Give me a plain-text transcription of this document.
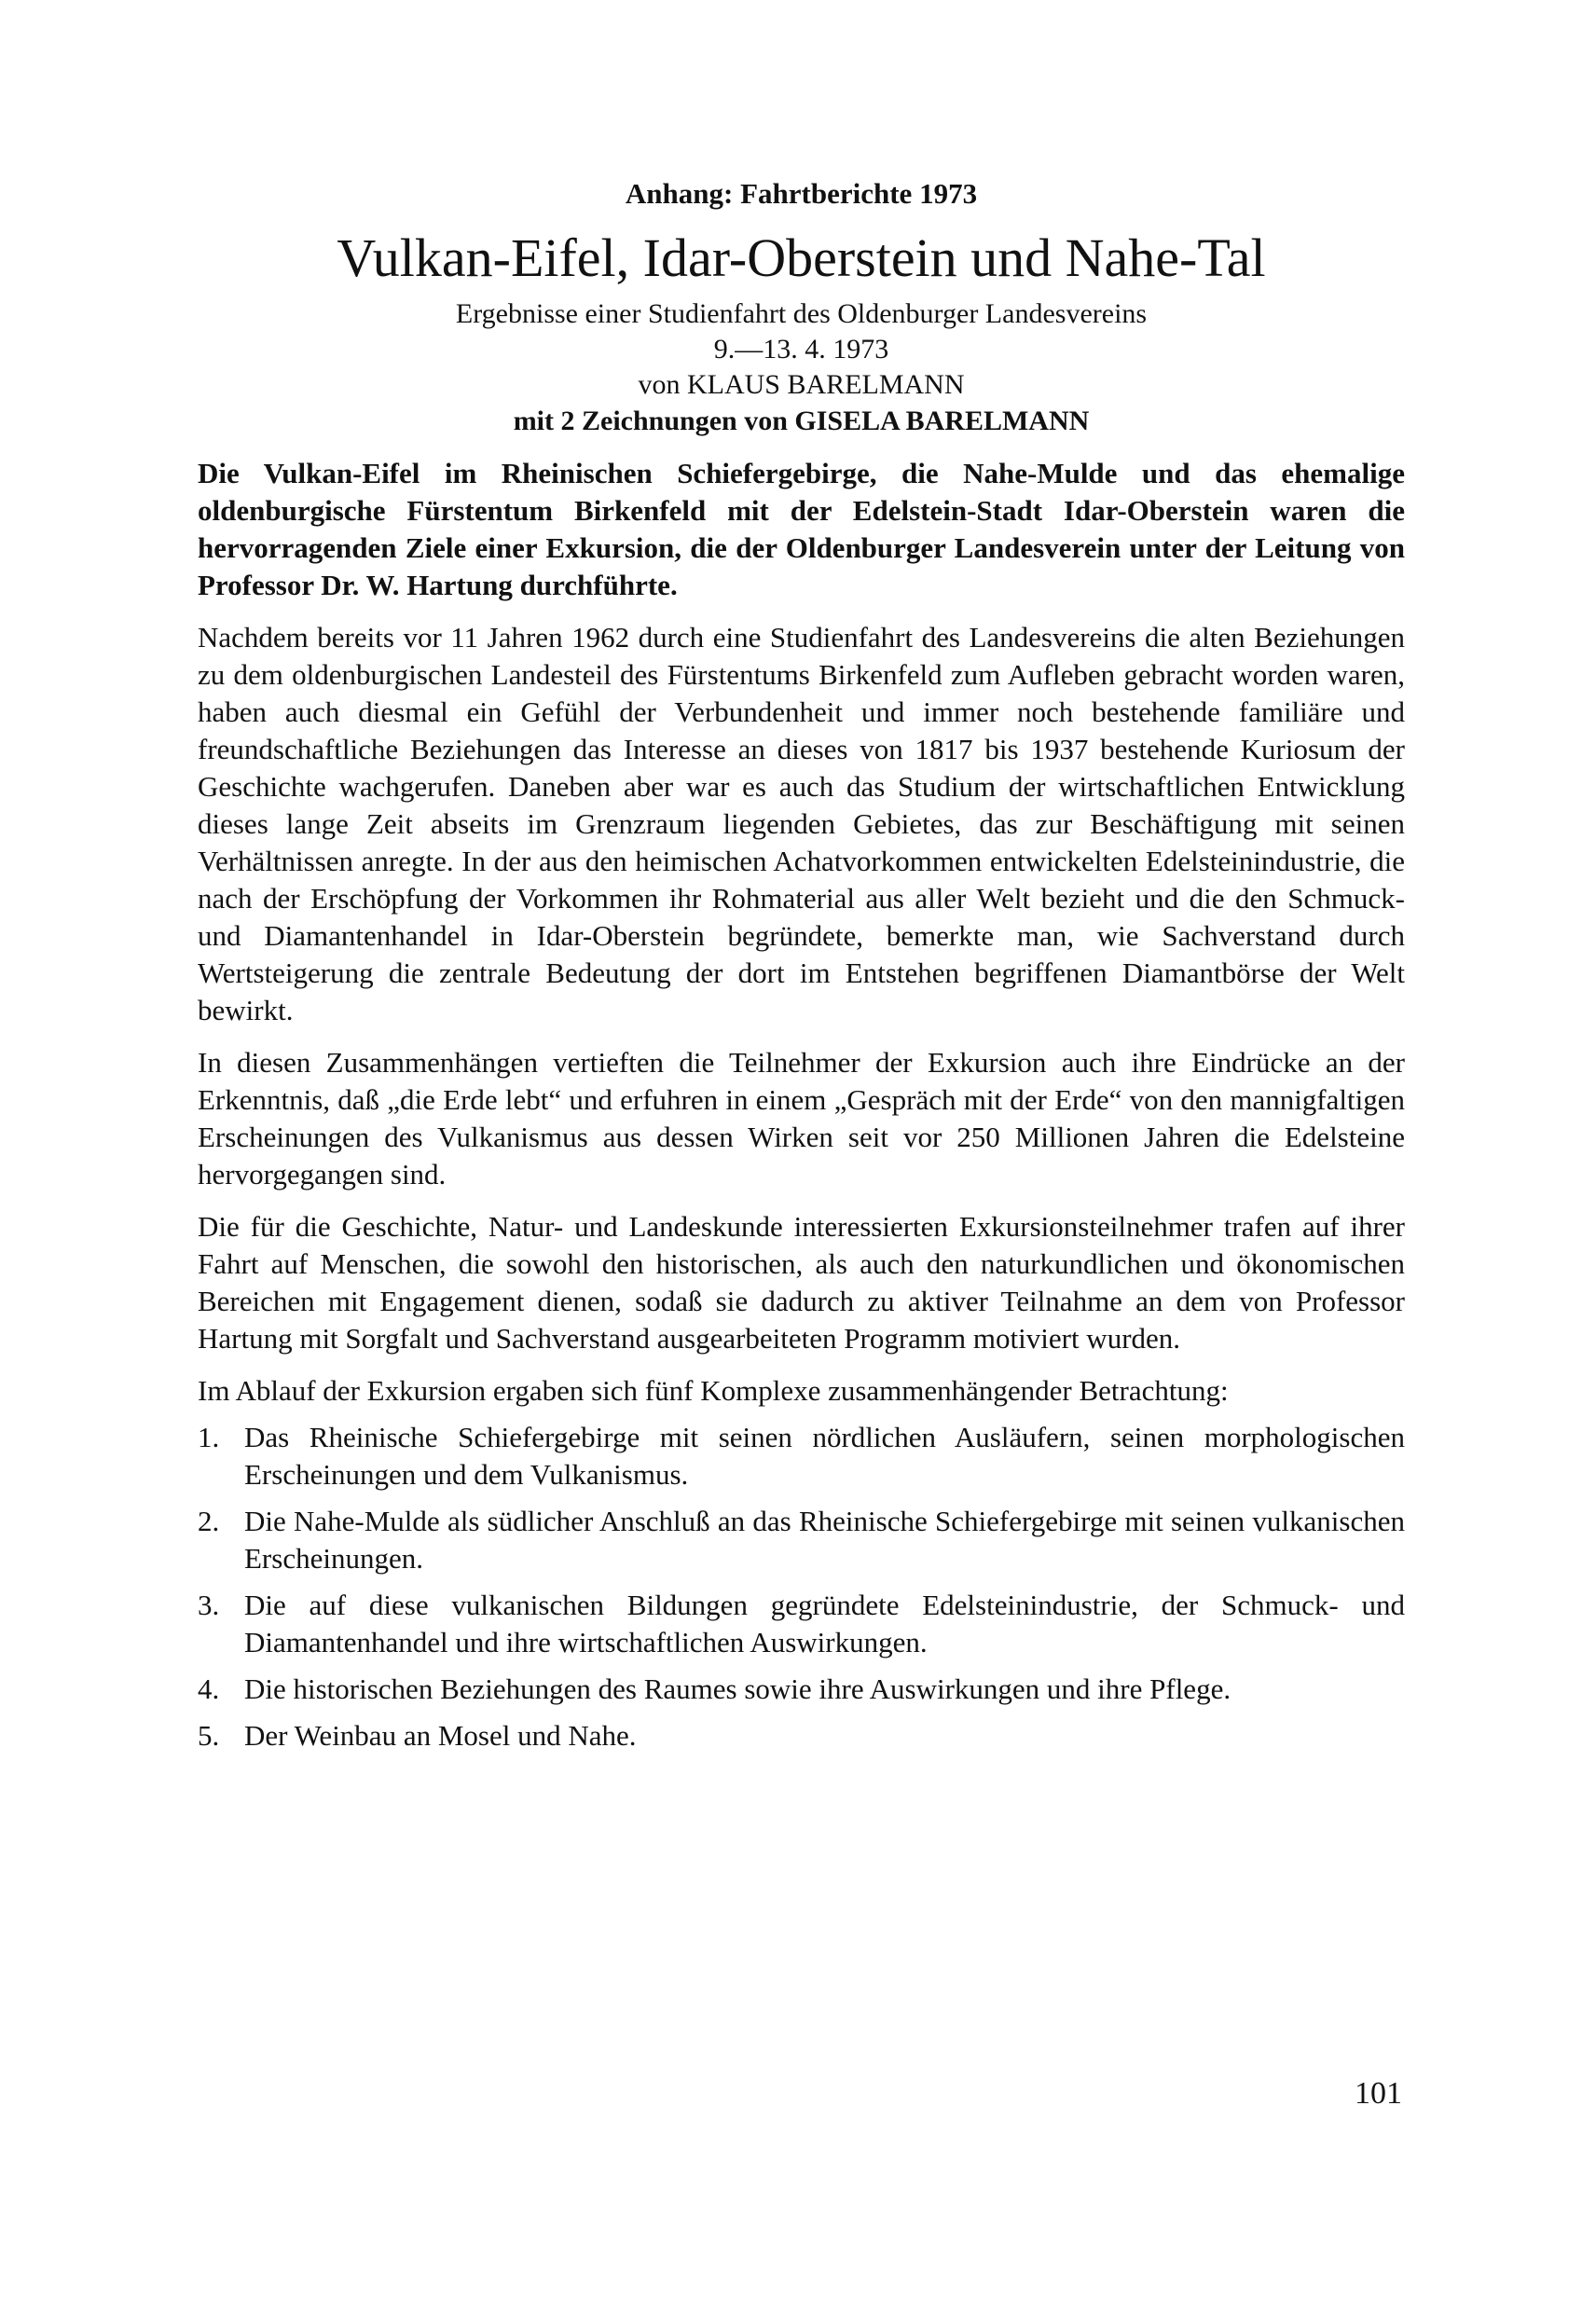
Anhang: Fahrtberichte 1973
Vulkan-Eifel, Idar-Oberstein und Nahe-Tal
Ergebnisse einer Studienfahrt des Oldenburger Landesvereins
9.—13. 4. 1973
von KLAUS BARELMANN
mit 2 Zeichnungen von GISELA BARELMANN

Die Vulkan-Eifel im Rheinischen Schiefergebirge, die Nahe-Mulde und das ehemalige oldenburgische Fürstentum Birkenfeld mit der Edelstein-Stadt Idar-Oberstein waren die hervorragenden Ziele einer Exkursion, die der Oldenburger Landesverein unter der Leitung von Professor Dr. W. Hartung durchführte.

Nachdem bereits vor 11 Jahren 1962 durch eine Studienfahrt des Landesvereins die alten Beziehungen zu dem oldenburgischen Landesteil des Fürstentums Birkenfeld zum Aufleben gebracht worden waren, haben auch diesmal ein Gefühl der Verbundenheit und immer noch bestehende familiäre und freundschaftliche Beziehungen das Interesse an dieses von 1817 bis 1937 bestehende Kuriosum der Geschichte wachgerufen. Daneben aber war es auch das Studium der wirtschaftlichen Entwicklung dieses lange Zeit abseits im Grenzraum liegenden Gebietes, das zur Beschäftigung mit seinen Verhältnissen anregte. In der aus den heimischen Achatvorkommen entwickelten Edelsteinindustrie, die nach der Erschöpfung der Vorkommen ihr Rohmaterial aus aller Welt bezieht und die den Schmuck- und Diamantenhandel in Idar-Oberstein begründete, bemerkte man, wie Sachverstand durch Wertsteigerung die zentrale Bedeutung der dort im Entstehen begriffenen Diamantbörse der Welt bewirkt.

In diesen Zusammenhängen vertieften die Teilnehmer der Exkursion auch ihre Eindrücke an der Erkenntnis, daß „die Erde lebt“ und erfuhren in einem „Gespräch mit der Erde“ von den mannigfaltigen Erscheinungen des Vulkanismus aus dessen Wirken seit vor 250 Millionen Jahren die Edelsteine hervorgegangen sind.

Die für die Geschichte, Natur- und Landeskunde interessierten Exkursionsteilnehmer trafen auf ihrer Fahrt auf Menschen, die sowohl den historischen, als auch den naturkundlichen und ökonomischen Bereichen mit Engagement dienen, sodaß sie dadurch zu aktiver Teilnahme an dem von Professor Hartung mit Sorgfalt und Sachverstand ausgearbeiteten Programm motiviert wurden.

Im Ablauf der Exkursion ergaben sich fünf Komplexe zusammenhängender Betrachtung:

1. Das Rheinische Schiefergebirge mit seinen nördlichen Ausläufern, seinen morphologischen Erscheinungen und dem Vulkanismus.
2. Die Nahe-Mulde als südlicher Anschluß an das Rheinische Schiefergebirge mit seinen vulkanischen Erscheinungen.
3. Die auf diese vulkanischen Bildungen gegründete Edelsteinindustrie, der Schmuck- und Diamantenhandel und ihre wirtschaftlichen Auswirkungen.
4. Die historischen Beziehungen des Raumes sowie ihre Auswirkungen und ihre Pflege.
5. Der Weinbau an Mosel und Nahe.
101
